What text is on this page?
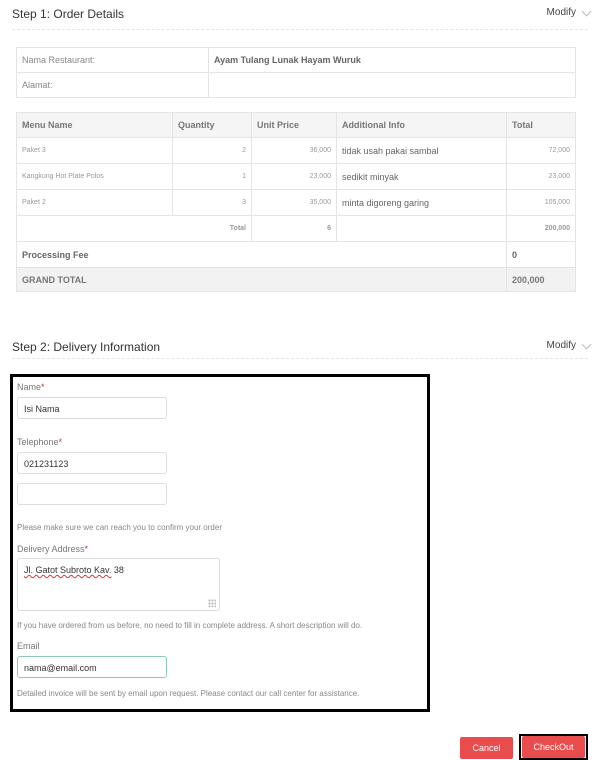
Step 1: Order Details	Modify
Nama Restaurant:	Ayam Tulang Lunak Hayam Wuruk
Alamat:	
Menu Name	Quantity	Unit Price	Additional Info	Total
Paket 3	2	36,000	tidak usah pakai sambal	72,000
Kangkung Hot Plate Polos	1	23,000	sedikit minyak	23,000
Paket 2	3	35,000	minta digoreng garing	105,000
Total		6		200,000
Processing Fee				0
GRAND TOTAL				200,000
Step 2: Delivery Information	Modify
Name*
Isi Nama
Telephone*
021231123
Please make sure we can reach you to confirm your order
Delivery Address*
Jl. Gatot Subroto Kav. 38
If you have ordered from us before, no need to fill in complete address. A short description will do.
Email
nama@email.com
Detailed invoice will be sent by email upon request. Please contact our call center for assistance.
Cancel	CheckOut
